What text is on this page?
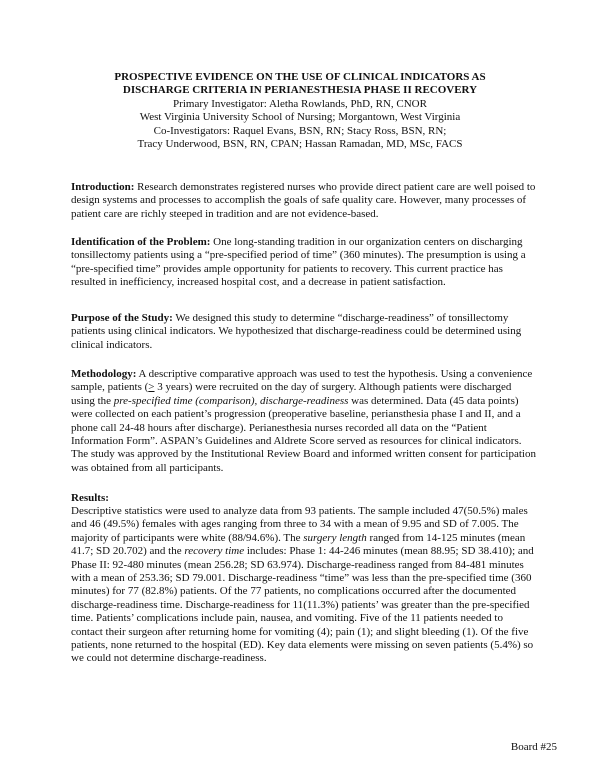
PROSPECTIVE EVIDENCE ON THE USE OF CLINICAL INDICATORS AS
DISCHARGE CRITERIA IN PERIANESTHESIA PHASE II RECOVERY
Primary Investigator: Aletha Rowlands, PhD, RN, CNOR
West Virginia University School of Nursing; Morgantown, West Virginia
Co-Investigators: Raquel Evans, BSN, RN; Stacy Ross, BSN, RN;
Tracy Underwood, BSN, RN, CPAN; Hassan Ramadan, MD, MSc, FACS

Introduction: Research demonstrates registered nurses who provide direct patient care are well poised to design systems and processes to accomplish the goals of safe quality care. However, many processes of patient care are richly steeped in tradition and are not evidence-based.

Identification of the Problem: One long-standing tradition in our organization centers on discharging tonsillectomy patients using a “pre-specified period of time” (360 minutes). The presumption is using a “pre-specified time” provides ample opportunity for patients to recovery. This current practice has resulted in inefficiency, increased hospital cost, and a decrease in patient satisfaction.

Purpose of the Study: We designed this study to determine “discharge-readiness” of tonsillectomy patients using clinical indicators. We hypothesized that discharge-readiness could be determined using clinical indicators.

Methodology: A descriptive comparative approach was used to test the hypothesis. Using a convenience sample, patients (≥ 3 years) were recruited on the day of surgery. Although patients were discharged using the pre-specified time (comparison), discharge-readiness was determined. Data (45 data points) were collected on each patient’s progression (preoperative baseline, periansthesia phase I and II, and a phone call 24-48 hours after discharge). Perianesthesia nurses recorded all data on the “Patient Information Form”. ASPAN’s Guidelines and Aldrete Score served as resources for clinical indicators. The study was approved by the Institutional Review Board and informed written consent for participation was obtained from all participants.

Results:

Descriptive statistics were used to analyze data from 93 patients. The sample included 47(50.5%) males and 46 (49.5%) females with ages ranging from three to 34 with a mean of 9.95 and SD of 7.005. The majority of participants were white (88/94.6%). The surgery length ranged from 14-125 minutes (mean 41.7; SD 20.702) and the recovery time includes: Phase 1: 44-246 minutes (mean 88.95; SD 38.410); and Phase II: 92-480 minutes (mean 256.28; SD 63.974). Discharge-readiness ranged from 84-481 minutes with a mean of 253.36; SD 79.001. Discharge-readiness “time” was less than the pre-specified time (360 minutes) for 77 (82.8%) patients. Of the 77 patients, no complications occurred after the documented discharge-readiness time. Discharge-readiness for 11(11.3%) patients’ was greater than the pre-specified time. Patients’ complications include pain, nausea, and vomiting. Five of the 11 patients needed to contact their surgeon after returning home for vomiting (4); pain (1); and slight bleeding (1). Of the five patients, none returned to the hospital (ED). Key data elements were missing on seven patients (5.4%) so we could not determine discharge-readiness.

Board #25
